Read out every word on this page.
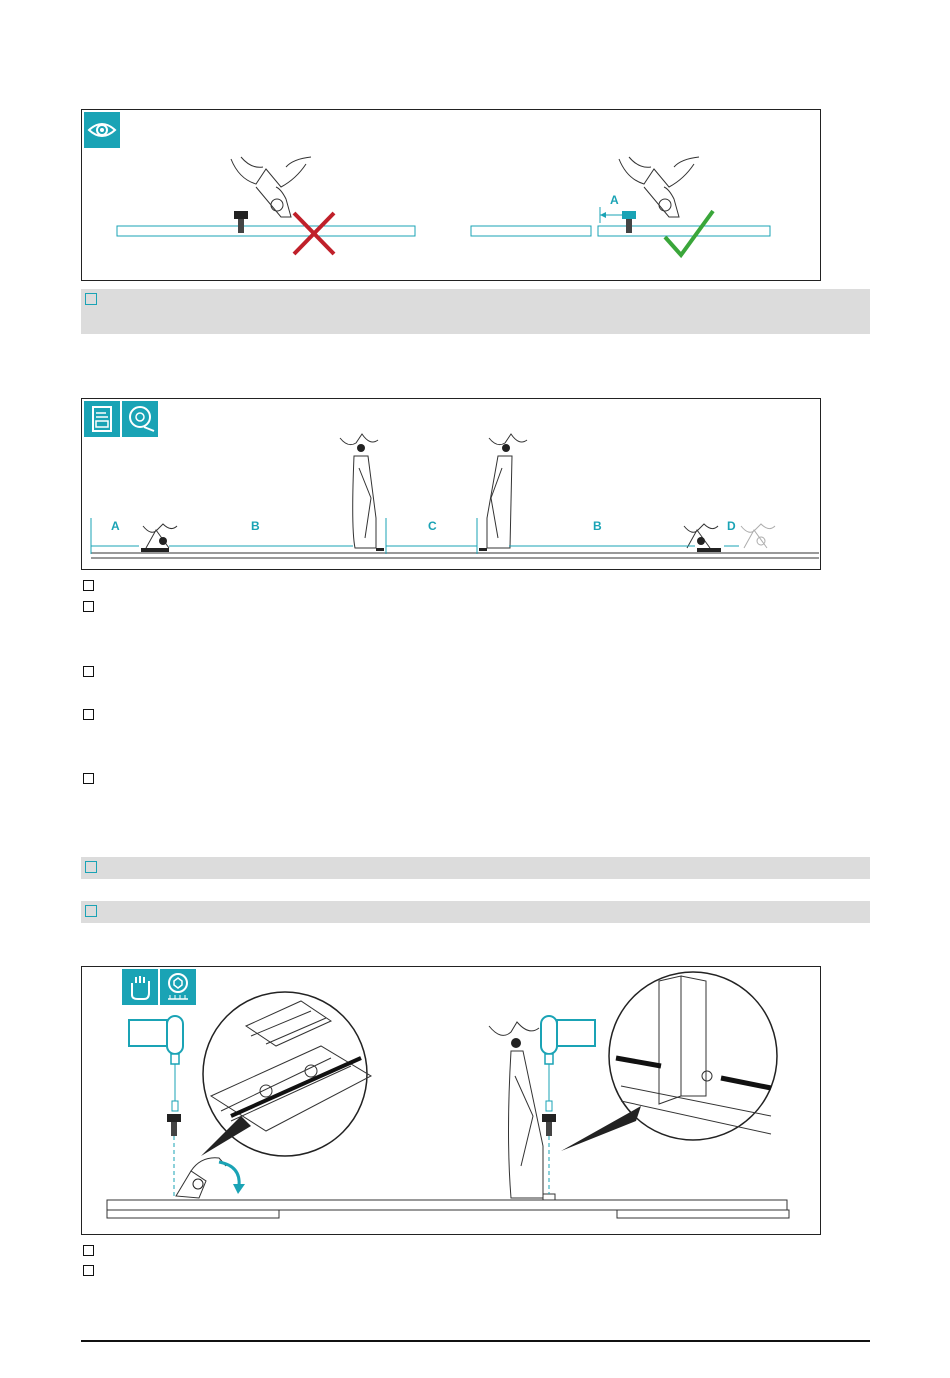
A
A	B	C	B	D
